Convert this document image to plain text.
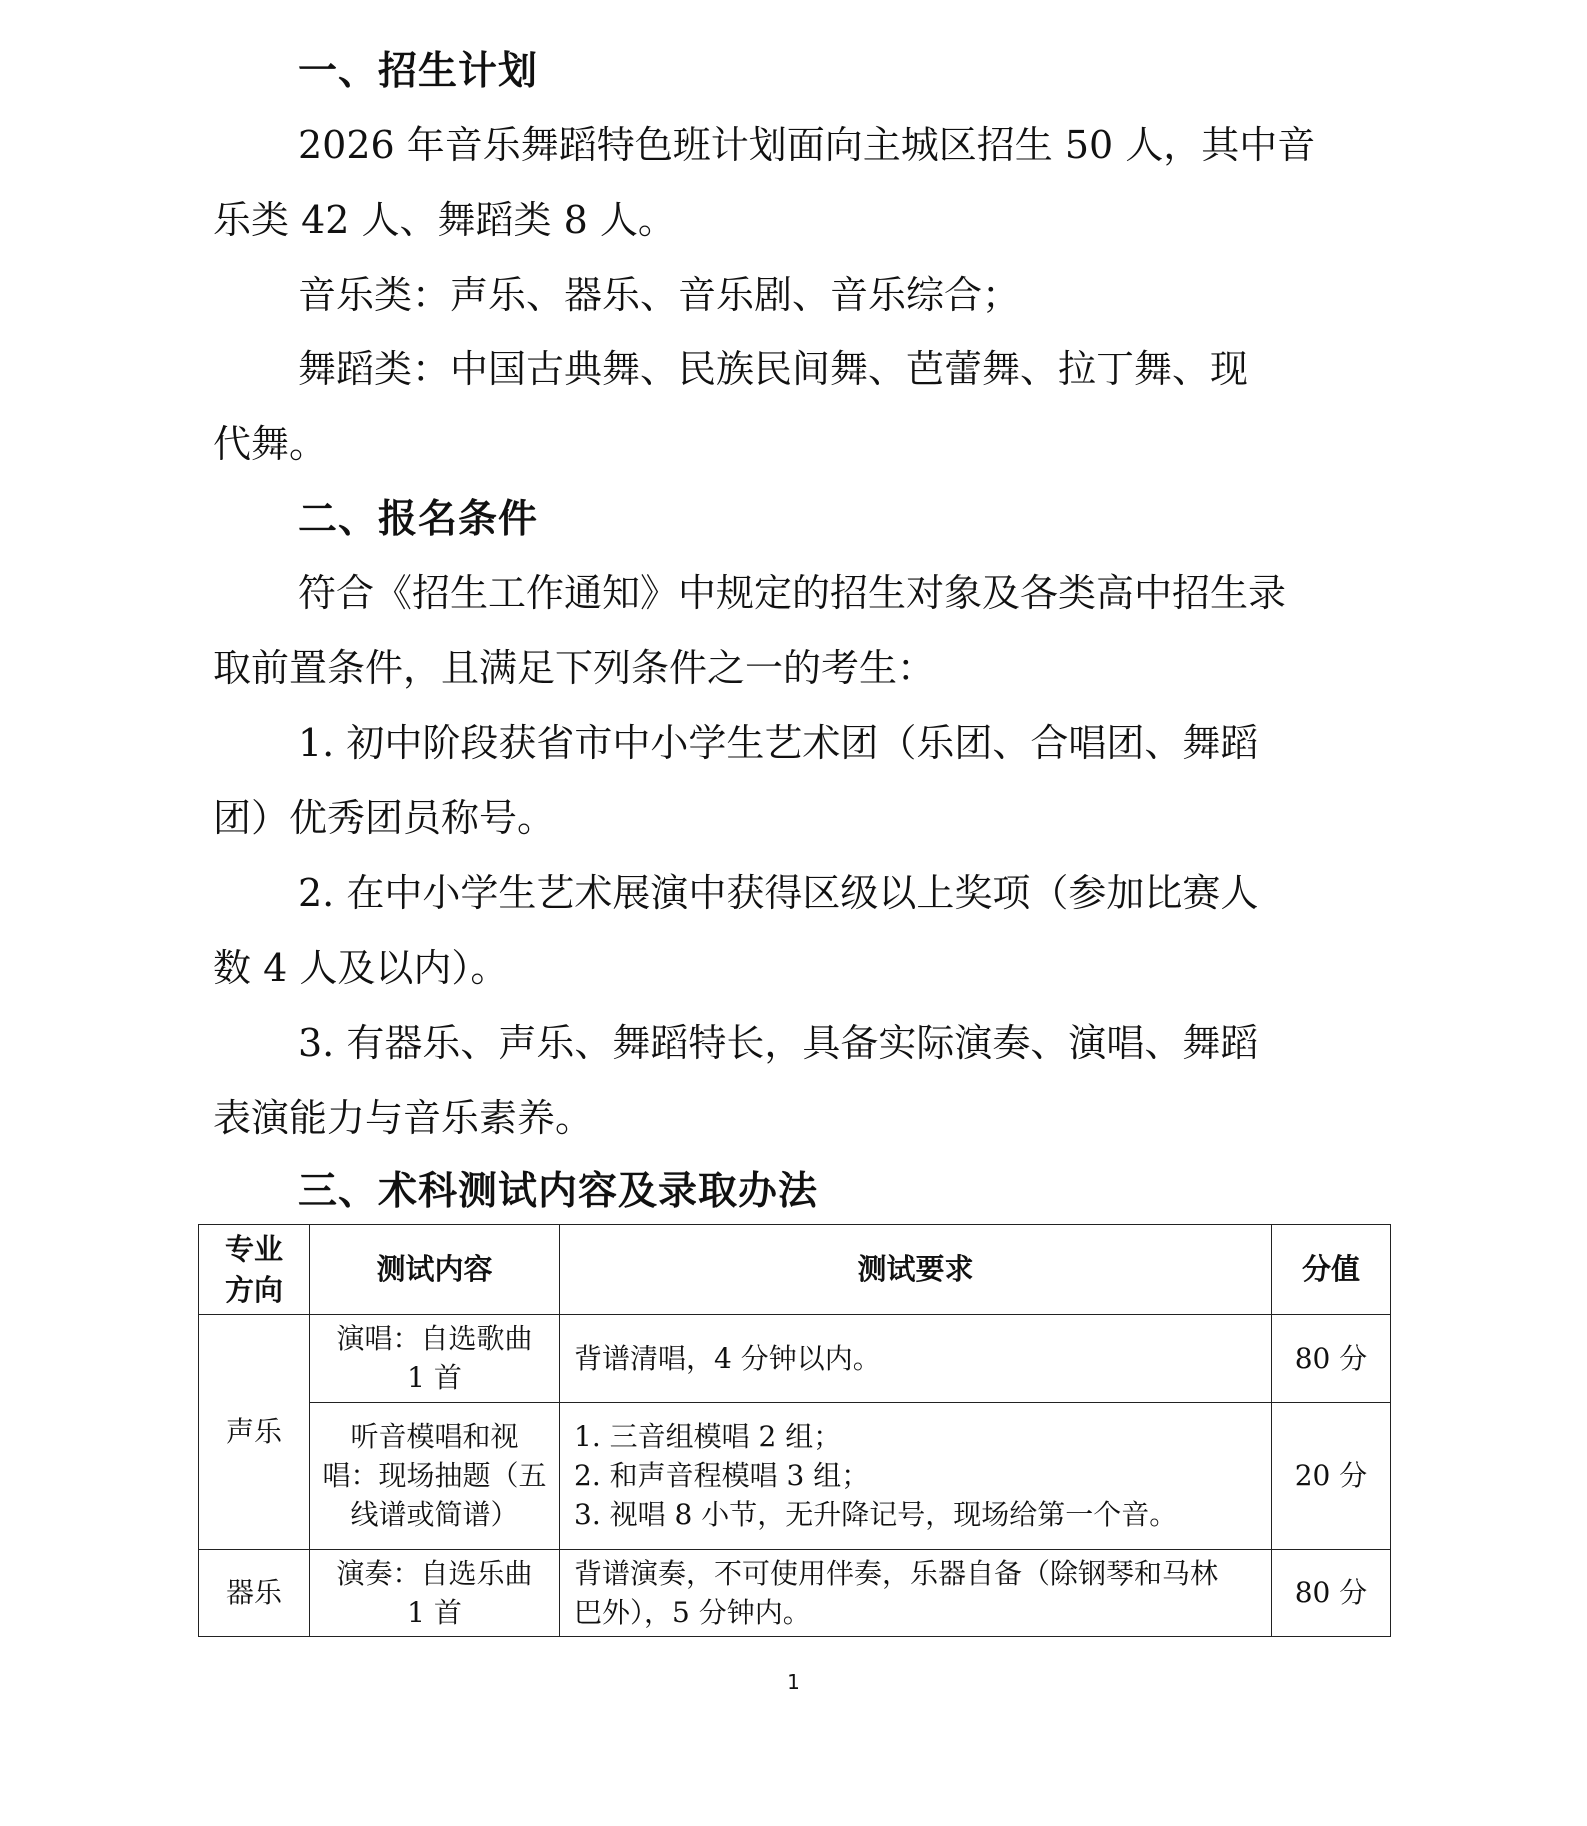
一、招生计划

2026 年音乐舞蹈特色班计划面向主城区招生 50 人，其中音

乐类 42 人、舞蹈类 8 人。

音乐类：声乐、器乐、音乐剧、音乐综合；

舞蹈类：中国古典舞、民族民间舞、芭蕾舞、拉丁舞、现

代舞。

二、报名条件

符合《招生工作通知》中规定的招生对象及各类高中招生录

取前置条件，且满足下列条件之一的考生：

1. 初中阶段获省市中小学生艺术团（乐团、合唱团、舞蹈

团）优秀团员称号。

2. 在中小学生艺术展演中获得区级以上奖项（参加比赛人

数 4 人及以内）。

3. 有器乐、声乐、舞蹈特长，具备实际演奏、演唱、舞蹈

表演能力与音乐素养。

三、术科测试内容及录取办法
专业
方向	测试内容	测试要求	分值
声乐	演唱：自选歌曲
1 首	背谱清唱，4 分钟以内。	80 分

	听音模唱和视
唱：现场抽题（五
线谱或简谱）	1. 三音组模唱 2 组；
2. 和声音程模唱 3 组；
3. 视唱 8 小节，无升降记号，现场给第一个音。	20 分
器乐	演奏：自选乐曲
1 首	背谱演奏，不可使用伴奏，乐器自备（除钢琴和马林
巴外），5 分钟内。	80 分
1
